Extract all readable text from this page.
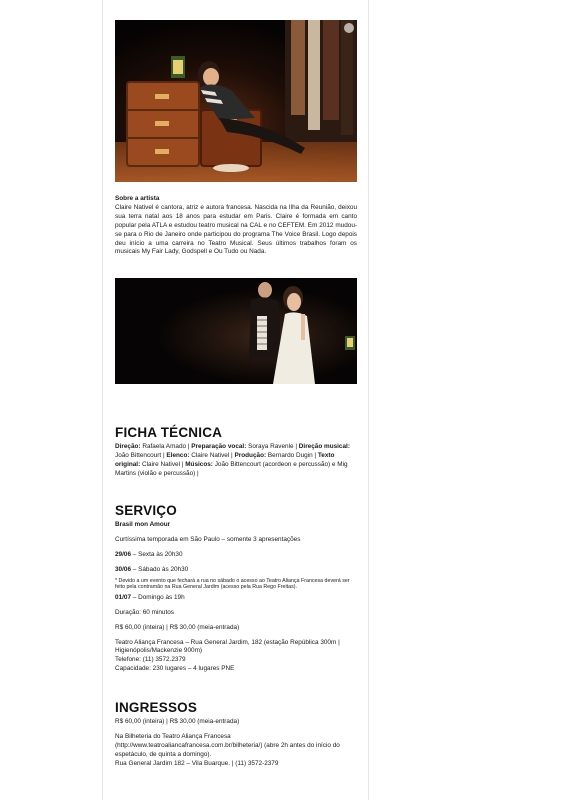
Sobre a artista

Claire Nativel é cantora, atriz e autora francesa. Nascida na Ilha da Reunião, deixou sua terra natal aos 18 anos para estudar em Paris. Claire é formada em canto popular pela ATLA e estudou teatro musical na CAL e no CEFTEM. Em 2012 mudou-se para o Rio de Janeiro onde participou do programa The Voice Brasil. Logo depois deu início a uma carreira no Teatro Musical. Seus últimos trabalhos foram os musicais My Fair Lady, Godspell e Ou Tudo ou Nada.

FICHA TÉCNICA

Direção: Rafaela Amado | Preparação vocal: Soraya Ravenle | Direção musical: João Bittencourt | Elenco: Claire Nativel | Produção: Bernardo Dugin | Texto original: Claire Nativel | Músicos: João Bittencourt (acordeon e percussão) e Mig Martins (violão e percussão) |

SERVIÇO

Brasil mon Amour

Curtíssima temporada em São Paulo – somente 3 apresentações

29/06 – Sexta às 20h30

30/06 – Sábado às 20h30

* Devido a um evento que fechará a rua no sábado o acesso ao Teatro Aliança Francesa deverá ser feito pela contramão na Rua General Jardim (acesso pela Rua Rego Freitas).

01/07 – Domingo às 19h

Duração: 60 minutos

R$ 60,00 (inteira) | R$ 30,00 (meia-entrada)

Teatro Aliança Francesa – Rua General Jardim, 182 (estação República 300m | Higienópolis/Mackenzie 900m)

Telefone: (11) 3572.2379

Capacidade: 230 lugares – 4 lugares PNE

INGRESSOS

R$ 60,00 (inteira) | R$ 30,00 (meia-entrada)

Na Bilheteria do Teatro Aliança Francesa (http://www.teatroaliancafrancesa.com.br/bilheteria/) (abre 2h antes do início do espetáculo, de quinta a domingo).

Rua General Jardim 182 – Vila Buarque. | (11) 3572-2379
